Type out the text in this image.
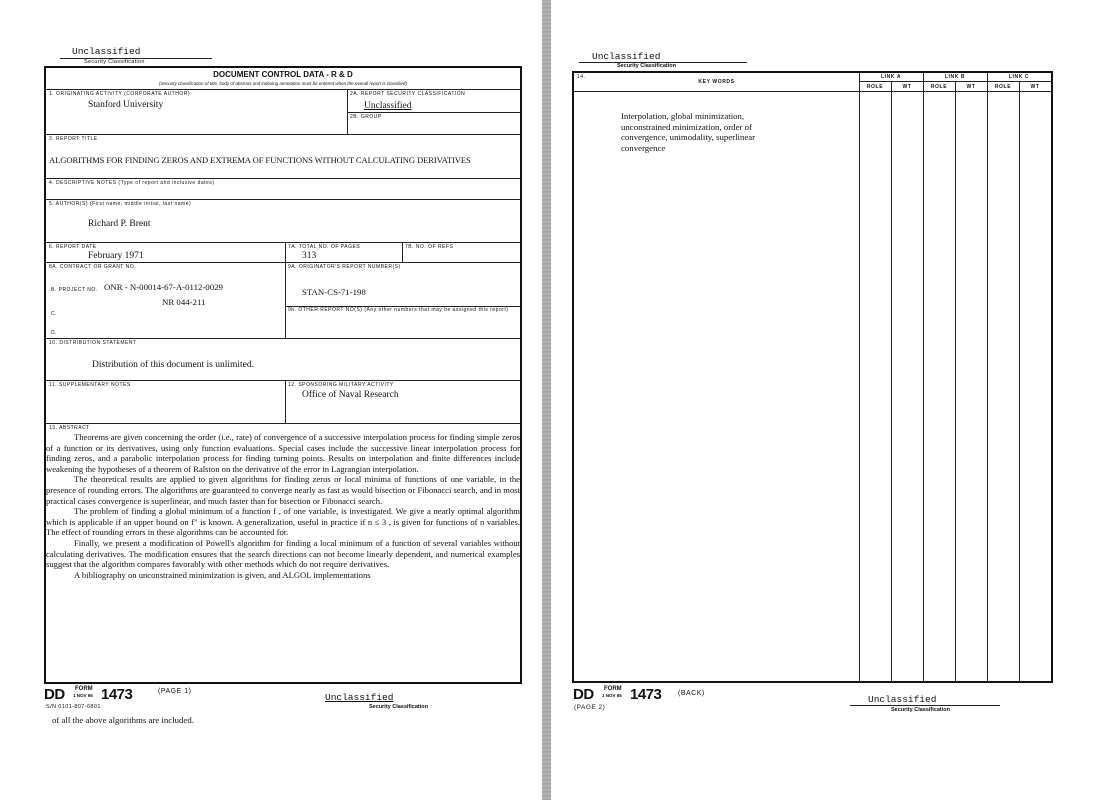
Unclassified
Security Classification
DOCUMENT CONTROL DATA - R & D
(Security classification of title, body of abstract and indexing annotation must be entered when the overall report is classified)
1. ORIGINATING ACTIVITY (CORPORATE AUTHOR)
Stanford University
2A. REPORT SECURITY CLASSIFICATION
Unclassified
2B. GROUP
3. REPORT TITLE
ALGORITHMS FOR FINDING ZEROS AND EXTREMA OF FUNCTIONS WITHOUT CALCULATING DERIVATIVES
4. DESCRIPTIVE NOTES (Type of report and inclusive dates)
5. AUTHOR(S) (First name, middle initial, last name)
Richard P. Brent
6. REPORT DATE
February 1971
7A. TOTAL NO. OF PAGES
313
7B. NO. OF REFS
8A. CONTRACT OR GRANT NO.
B. PROJECT NO. ONR - N-00014-67-A-0112-0029
NR 044-211
C.
D.
9A. ORIGINATOR'S REPORT NUMBER(S)
STAN-CS-71-198
9b. OTHER REPORT NO(S) (Any other numbers that may be assigned this report)
10. DISTRIBUTION STATEMENT
Distribution of this document is unlimited.
11. SUPPLEMENTARY NOTES	12. SPONSORING MILITARY ACTIVITY
Office of Naval Research
13. ABSTRACT

Theorems are given concerning the order (i.e., rate) of convergence of a successive interpolation process for finding simple zeros of a function or its derivatives, using only function evaluations. Special cases include the successive linear interpolation process for finding zeros, and a parabolic interpolation process for finding turning points. Results on interpolation and finite differences include weakening the hypotheses of a theorem of Ralston on the derivative of the error in Lagrangian interpolation.

The theoretical results are applied to given algorithms for finding zeros or local minima of functions of one variable, in the presence of rounding errors. The algorithms are guaranteed to converge nearly as fast as would bisection or Fibonacci search, and in most practical cases convergence is superlinear, and much faster than for bisection or Fibonacci search.

The problem of finding a global minimum of a function f , of one variable, is investigated. We give a nearly optimal algorithm which is applicable if an upper bound on f" is known. A generalization, useful in practice if n ≤ 3 , is given for functions of n variables. The effect of rounding errors in these algorithms can be accounted for.

Finally, we present a modification of Powell's algorithm for finding a local minimum of a function of several variables without calculating derivatives. The modification ensures that the search directions can not become linearly dependent, and numerical examples suggest that the algorithm compares favorably with other methods which do not require derivatives.

A bibliography on unconstrained minimization is given, and ALGOL implementations

DD FORM
1 NOV 65 1473	(PAGE 1)
Unclassified
Security Classification
S/N 0101-807-6801
of all the above algorithms are included.
Unclassified
Security Classification
14.
KEY WORDS
LINK A	LINK B	LINK C
ROLE	WT	ROLE	WT	ROLE	WT
Interpolation, global minimization,
unconstrained minimization, order of
convergence, unimodality, superlinear
convergence
DD FORM
1 NOV 65 1473 (BACK)
(PAGE 2)
Unclassified
Security Classification
